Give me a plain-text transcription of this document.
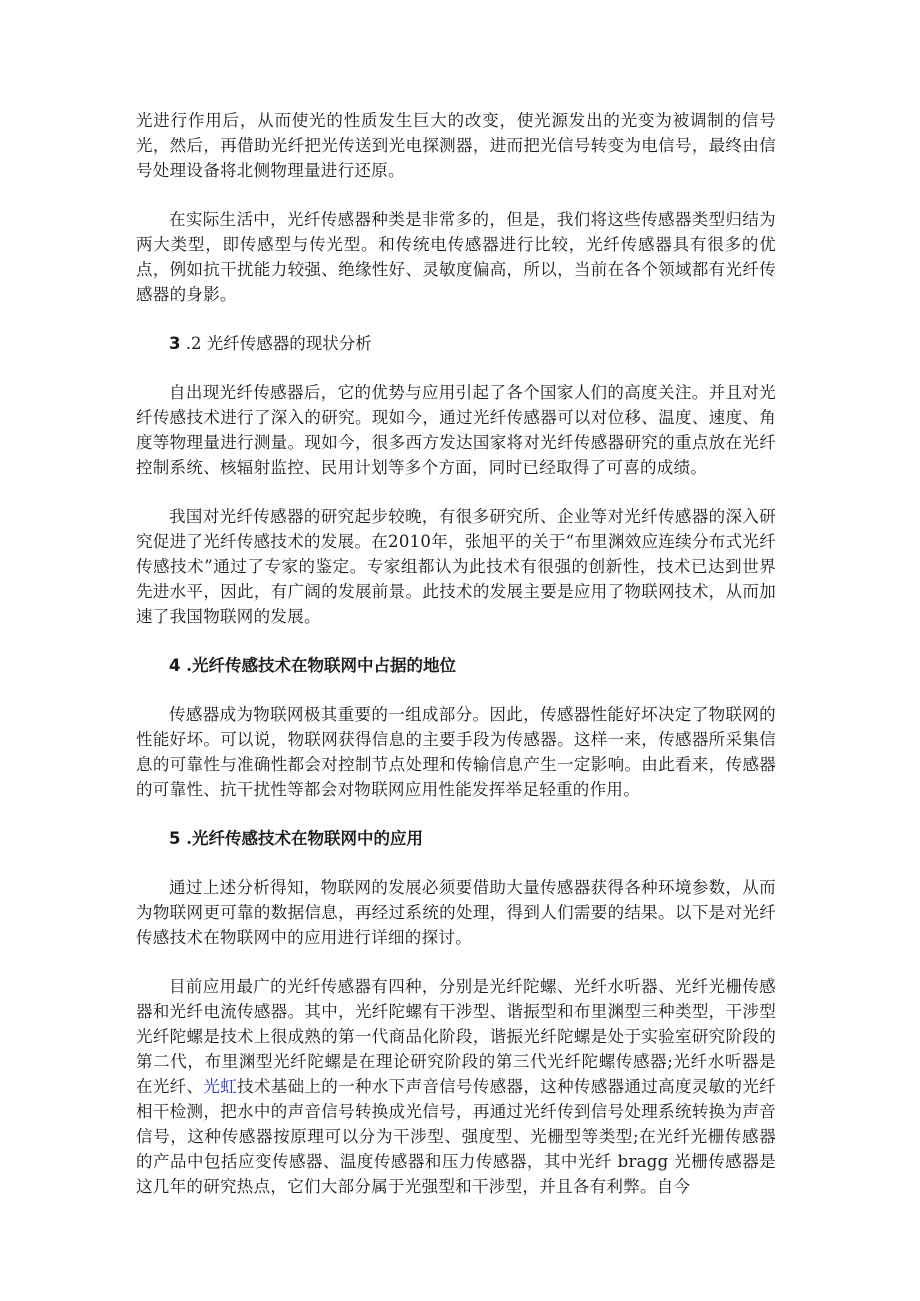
光进行作用后，从而使光的性质发生巨大的改变，使光源发出的光变为被调制的信号光，然后，再借助光纤把光传送到光电探测器，进而把光信号转变为电信号，最终由信号处理设备将北侧物理量进行还原。

在实际生活中，光纤传感器种类是非常多的，但是，我们将这些传感器类型归结为两大类型，即传感型与传光型。和传统电传感器进行比较，光纤传感器具有很多的优点，例如抗干扰能力较强、绝缘性好、灵敏度偏高，所以，当前在各个领域都有光纤传感器的身影。

3 .2 光纤传感器的现状分析

自出现光纤传感器后，它的优势与应用引起了各个国家人们的高度关注。并且对光纤传感技术进行了深入的研究。现如今，通过光纤传感器可以对位移、温度、速度、角度等物理量进行测量。现如今，很多西方发达国家将对光纤传感器研究的重点放在光纤控制系统、核辐射监控、民用计划等多个方面，同时已经取得了可喜的成绩。

我国对光纤传感器的研究起步较晚，有很多研究所、企业等对光纤传感器的深入研究促进了光纤传感技术的发展。在2010年，张旭平的关于“布里渊效应连续分布式光纤传感技术”通过了专家的鉴定。专家组都认为此技术有很强的创新性，技术已达到世界先进水平，因此，有广阔的发展前景。此技术的发展主要是应用了物联网技术，从而加速了我国物联网的发展。

4 .光纤传感技术在物联网中占据的地位

传感器成为物联网极其重要的一组成部分。因此，传感器性能好坏决定了物联网的性能好坏。可以说，物联网获得信息的主要手段为传感器。这样一来，传感器所采集信息的可靠性与准确性都会对控制节点处理和传输信息产生一定影响。由此看来，传感器的可靠性、抗干扰性等都会对物联网应用性能发挥举足轻重的作用。

5 .光纤传感技术在物联网中的应用

通过上述分析得知，物联网的发展必须要借助大量传感器获得各种环境参数，从而为物联网更可靠的数据信息，再经过系统的处理，得到人们需要的结果。以下是对光纤传感技术在物联网中的应用进行详细的探讨。

目前应用最广的光纤传感器有四种，分别是光纤陀螺、光纤水听器、光纤光栅传感器和光纤电流传感器。其中，光纤陀螺有干涉型、谐振型和布里渊型三种类型，干涉型光纤陀螺是技术上很成熟的第一代商品化阶段，谐振光纤陀螺是处于实验室研究阶段的第二代，布里渊型光纤陀螺是在理论研究阶段的第三代光纤陀螺传感器;光纤水听器是在光纤、光虹技术基础上的一种水下声音信号传感器，这种传感器通过高度灵敏的光纤相干检测，把水中的声音信号转换成光信号，再通过光纤传到信号处理系统转换为声音信号，这种传感器按原理可以分为干涉型、强度型、光栅型等类型;在光纤光栅传感器的产品中包括应变传感器、温度传感器和压力传感器，其中光纤 bragg 光栅传感器是这几年的研究热点，它们大部分属于光强型和干涉型，并且各有利弊。自今
